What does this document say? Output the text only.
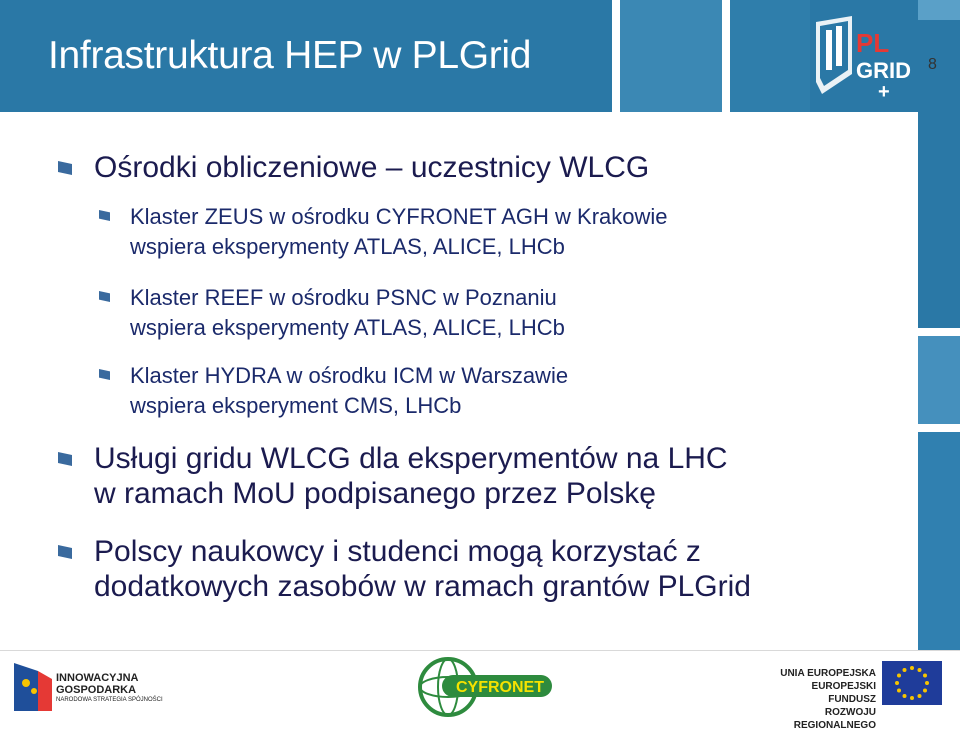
Infrastruktura HEP w PLGrid	PL
GRID
+
8
Ośrodki obliczeniowe – uczestnicy WLCG
Klaster ZEUS w ośrodku CYFRONET AGH w Krakowie
wspiera eksperymenty ATLAS, ALICE, LHCb
Klaster REEF w ośrodku PSNC w Poznaniu
wspiera eksperymenty ATLAS, ALICE, LHCb
Klaster HYDRA w ośrodku ICM w Warszawie
wspiera eksperyment CMS, LHCb
Usługi gridu WLCG dla eksperymentów na LHC
w ramach MoU podpisanego przez Polskę
Polscy naukowcy i studenci mogą korzystać z
dodatkowych zasobów w ramach grantów PLGrid
INNOWACYJNA
GOSPODARKA
NARODOWA STRATEGIA SPÓJNOŚCI
CYFRONET
UNIA EUROPEJSKA
EUROPEJSKI FUNDUSZ
ROZWOJU REGIONALNEGO
